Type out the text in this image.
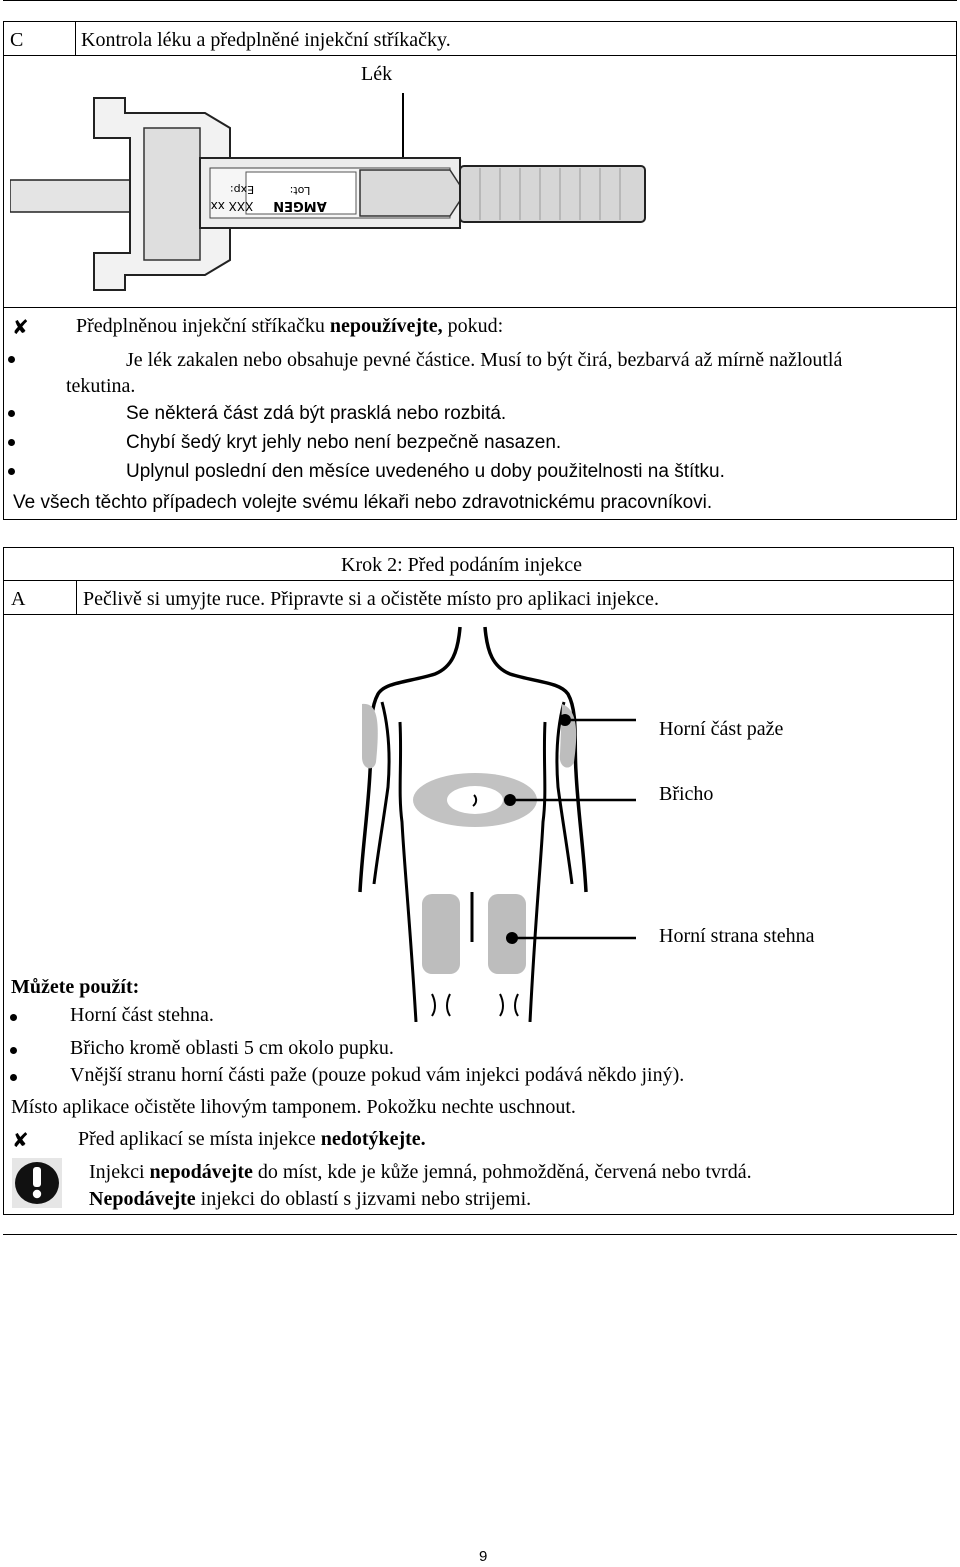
C	Kontrola léku a předplněné injekční stříkačky.
Lék
Lot:
Exp:
AMGEN
XXX xx
✘ Předplněnou injekční stříkačku nepoužívejte, pokud:
Je lék zakalen nebo obsahuje pevné částice. Musí to být čirá, bezbarvá až mírně nažloutlá
tekutina.
Se některá část zdá být prasklá nebo rozbitá.
Chybí šedý kryt jehly nebo není bezpečně nasazen.
Uplynul poslední den měsíce uvedeného u doby použitelnosti na štítku.
Ve všech těchto případech volejte svému lékaři nebo zdravotnickému pracovníkovi.
Krok 2: Před podáním injekce
A	Pečlivě si umyjte ruce. Připravte si a očistěte místo pro aplikaci injekce.
Horní část paže
Břicho
Horní strana stehna
Můžete použít:
Horní část stehna.
Břicho kromě oblasti 5 cm okolo pupku.
Vnější stranu horní části paže (pouze pokud vám injekci podává někdo jiný).
Místo aplikace očistěte lihovým tamponem. Pokožku nechte uschnout.
✘ Před aplikací se místa injekce nedotýkejte.
Injekci nepodávejte do míst, kde je kůže jemná, pohmožděná, červená nebo tvrdá.
Nepodávejte injekci do oblastí s jizvami nebo strijemi.
9
